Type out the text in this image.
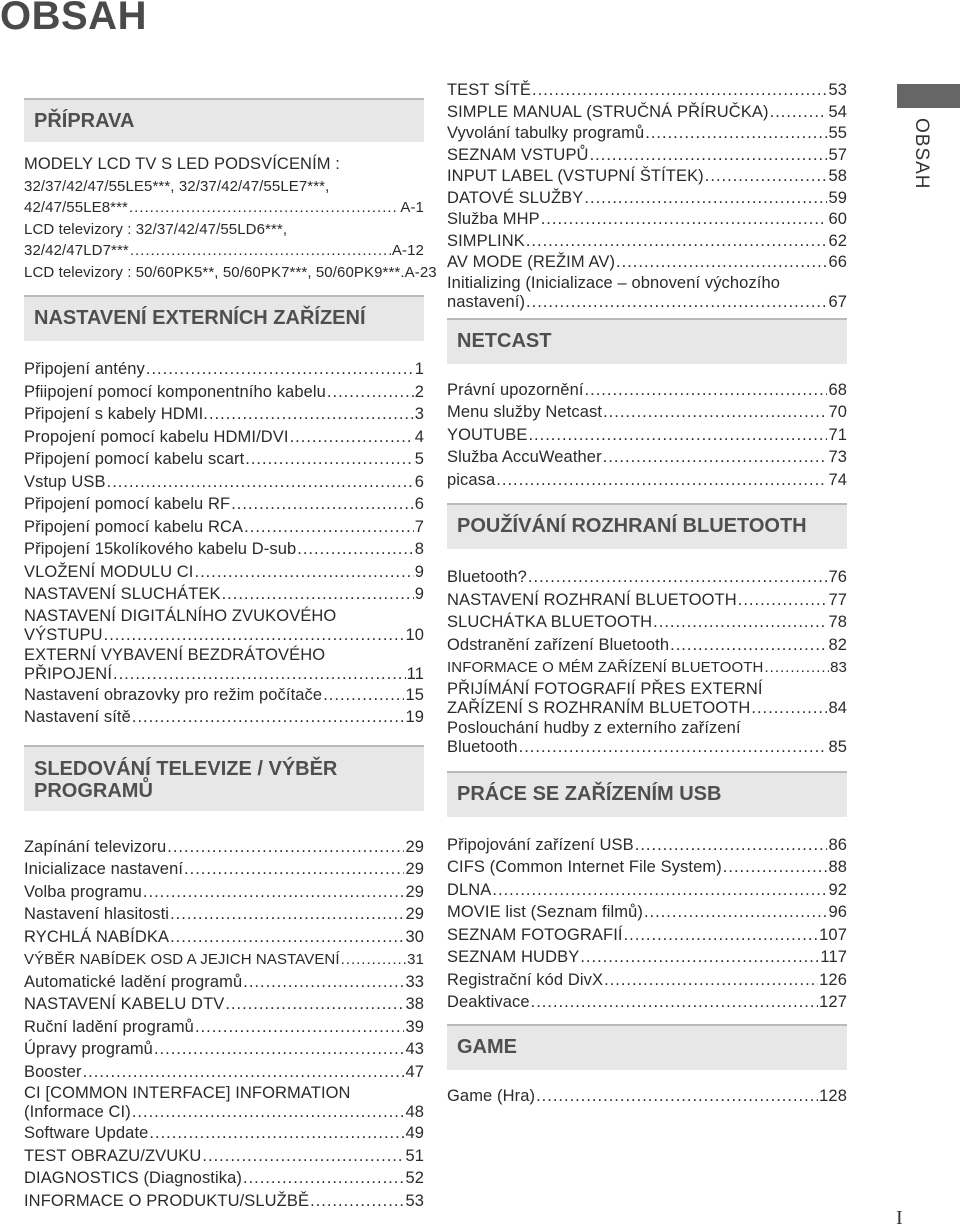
OBSAH
PŘÍPRAVA
MODELY LCD TV S LED PODSVÍCENÍM :
32/37/42/47/55LE5***, 32/37/42/47/55LE7***,
42/47/55LE8*** .....	A-1
LCD televizory : 32/37/42/47/55LD6***,
32/42/47LD7*** .....	A-12
LCD televizory : 50/60PK5**, 50/60PK7***, 50/60PK9*** .A-23
NASTAVENÍ EXTERNÍCH ZAŘÍZENÍ
Připojení antény .....	1
Pfiipojení pomocí komponentního kabelu .....	2
Připojení s kabely HDMI. .....	3
Propojení pomocí kabelu HDMI/DVI .....	4
Připojení pomocí kabelu scart .....	5
Vstup USB .....	6
Připojení pomocí kabelu RF .....	6
Připojení pomocí kabelu RCA .....	7
Připojení 15kolíkového kabelu D-sub .....	8
VLOŽENÍ MODULU CI .....	9
NASTAVENÍ SLUCHÁTEK .....	9
NASTAVENÍ DIGITÁLNÍHO ZVUKOVÉHO
VÝSTUPU .....	10
EXTERNÍ VYBAVENÍ BEZDRÁTOVÉHO
PŘIPOJENÍ .....	11
Nastavení obrazovky pro režim počítače .....	15
Nastavení sítě .....	19
SLEDOVÁNÍ TELEVIZE / VÝBĚR PROGRAMŮ
Zapínání televizoru .....	29
Inicializace nastavení .....	29
Volba programu .....	29
Nastavení hlasitosti .....	29
RYCHLÁ NABÍDKA .....	30
VÝBĚR NABÍDEK OSD A JEJICH NASTAVENÍ .....	31
Automatické ladění programů .....	33
NASTAVENÍ KABELU DTV .....	38
Ruční ladění programů .....	39
Úpravy programů .....	43
Booster .....	47
CI [COMMON INTERFACE] INFORMATION
(Informace CI) .....	48
Software Update .....	49
TEST OBRAZU/ZVUKU .....	51
DIAGNOSTICS (Diagnostika) .....	52
INFORMACE O PRODUKTU/SLUŽBĚ .....	53
TEST SÍTĚ .....	53
SIMPLE MANUAL (STRUČNÁ PŘÍRUČKA) .....	54
Vyvolání tabulky programů .....	55
SEZNAM VSTUPŮ .....	57
INPUT LABEL (VSTUPNÍ ŠTÍTEK) .....	58
DATOVÉ SLUŽBY .....	59
Služba MHP .....	60
SIMPLINK .....	62
AV MODE (REŽIM AV) .....	66
Initializing (Inicializace – obnovení výchozího
nastavení) .....	67
NETCAST
Právní upozornění .....	68
Menu služby Netcast .....	70
YOUTUBE .....	71
Služba AccuWeather .....	73
picasa .....	74
POUŽÍVÁNÍ ROZHRANÍ BLUETOOTH
Bluetooth? .....	76
NASTAVENÍ ROZHRANÍ BLUETOOTH .....	77
SLUCHÁTKA BLUETOOTH .....	78
Odstranění zařízení Bluetooth .....	82
INFORMACE O MÉM ZAŘÍZENÍ BLUETOOTH .....	83
PŘIJÍMÁNÍ FOTOGRAFIÍ PŘES EXTERNÍ
ZAŘÍZENÍ S ROZHRANÍM BLUETOOTH .....	84
Poslouchání hudby z externího zařízení
Bluetooth .....	85
PRÁCE SE ZAŘÍZENÍM USB
Připojování zařízení USB .....	86
CIFS (Common Internet File System) .....	88
DLNA .....	92
MOVIE list (Seznam filmů) .....	96
SEZNAM FOTOGRAFIÍ .....	107
SEZNAM HUDBY .....	117
Registrační kód DivX .....	126
Deaktivace .....	127
GAME
Game (Hra) .....	128
OBSAH
I
